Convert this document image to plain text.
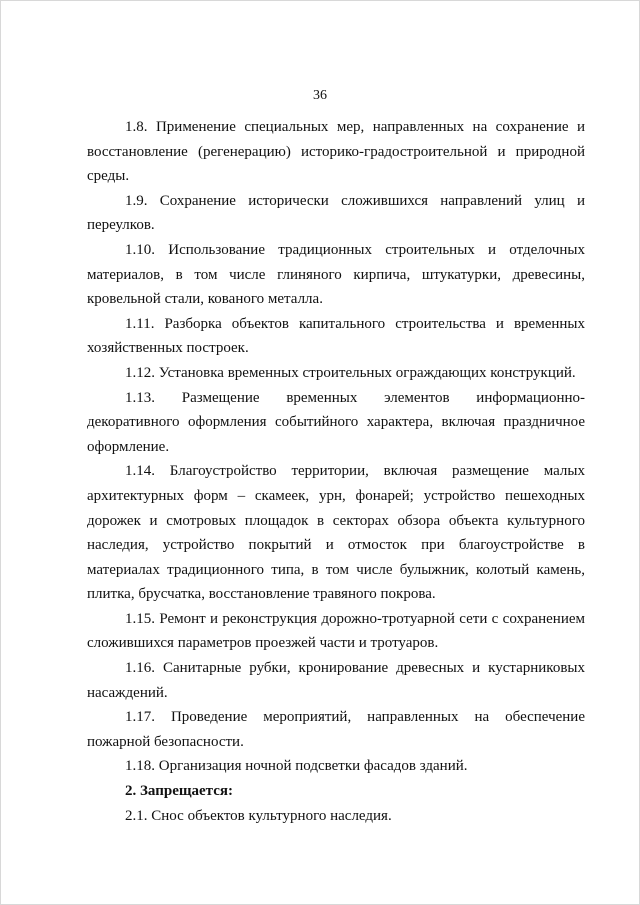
36

1.8. Применение специальных мер, направленных на сохранение и восстановление (регенерацию) историко-градостроительной и природной среды.

1.9. Сохранение исторически сложившихся направлений улиц и переулков.

1.10. Использование традиционных строительных и отделочных материалов, в том числе глиняного кирпича, штукатурки, древесины, кровельной стали, кованого металла.

1.11. Разборка объектов капитального строительства и временных хозяйственных построек.

1.12. Установка временных строительных ограждающих конструкций.

1.13. Размещение временных элементов информационно-декоративного оформления событийного характера, включая праздничное оформление.

1.14. Благоустройство территории, включая размещение малых архитектурных форм – скамеек, урн, фонарей; устройство пешеходных дорожек и смотровых площадок в секторах обзора объекта культурного наследия, устройство покрытий и отмосток при благоустройстве в материалах традиционного типа, в том числе булыжник, колотый камень, плитка, брусчатка, восстановление травяного покрова.

1.15. Ремонт и реконструкция дорожно-тротуарной сети с сохранением сложившихся параметров проезжей части и тротуаров.

1.16. Санитарные рубки, кронирование древесных и кустарниковых насаждений.

1.17. Проведение мероприятий, направленных на обеспечение пожарной безопасности.

1.18. Организация ночной подсветки фасадов зданий.

2. Запрещается:

2.1. Снос объектов культурного наследия.
